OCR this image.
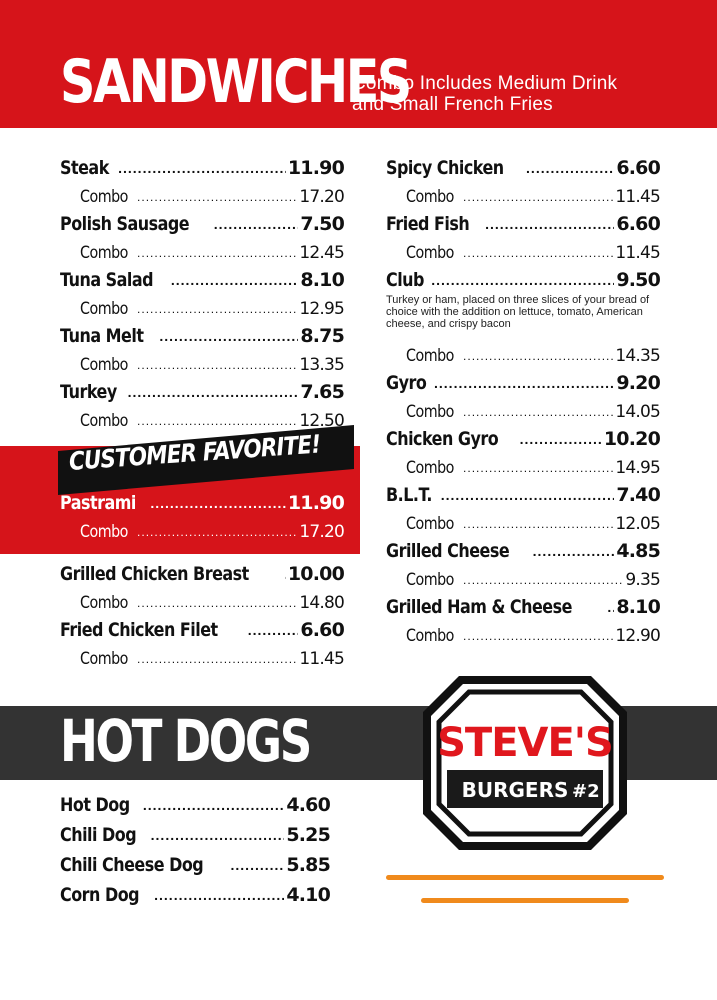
SANDWICHES
Combo Includes Medium Drink
and Small French Fries
CUSTOMER FAVORITE!
Steak .....	11.90
Combo .....	17.20
Polish Sausage .....	7.50
Combo .....	12.45
Tuna Salad .....	8.10
Combo .....	12.95
Tuna Melt .....	8.75
Combo .....	13.35
Turkey .....	7.65
Combo .....	12.50
Pastrami .....	11.90
Combo .....	17.20
Grilled Chicken Breast ..... 10.00
Combo .....	14.80
Fried Chicken Filet .....	6.60
Combo .....	11.45
Spicy Chicken .....	6.60
Combo .....	11.45
Fried Fish .....	6.60
Combo .....	11.45
Club .....	9.50
Turkey or ham, placed on three slices of your bread of choice with the addition on lettuce, tomato, American cheese, and crispy bacon
Combo .....	14.35
Gyro .....	9.20
Combo .....	14.05
Chicken Gyro .....	10.20
Combo .....	14.95
B.L.T. .....	7.40
Combo .....	12.05
Grilled Cheese .....	4.85
Combo .....	9.35
Grilled Ham & Cheese ..... 8.10
Combo .....	12.90
HOT DOGS
Hot Dog .....	4.60
Chili Dog .....	5.25
Chili Cheese Dog .....	5.85
Corn Dog .....	4.10
STEVE'S
BURGERS #2
